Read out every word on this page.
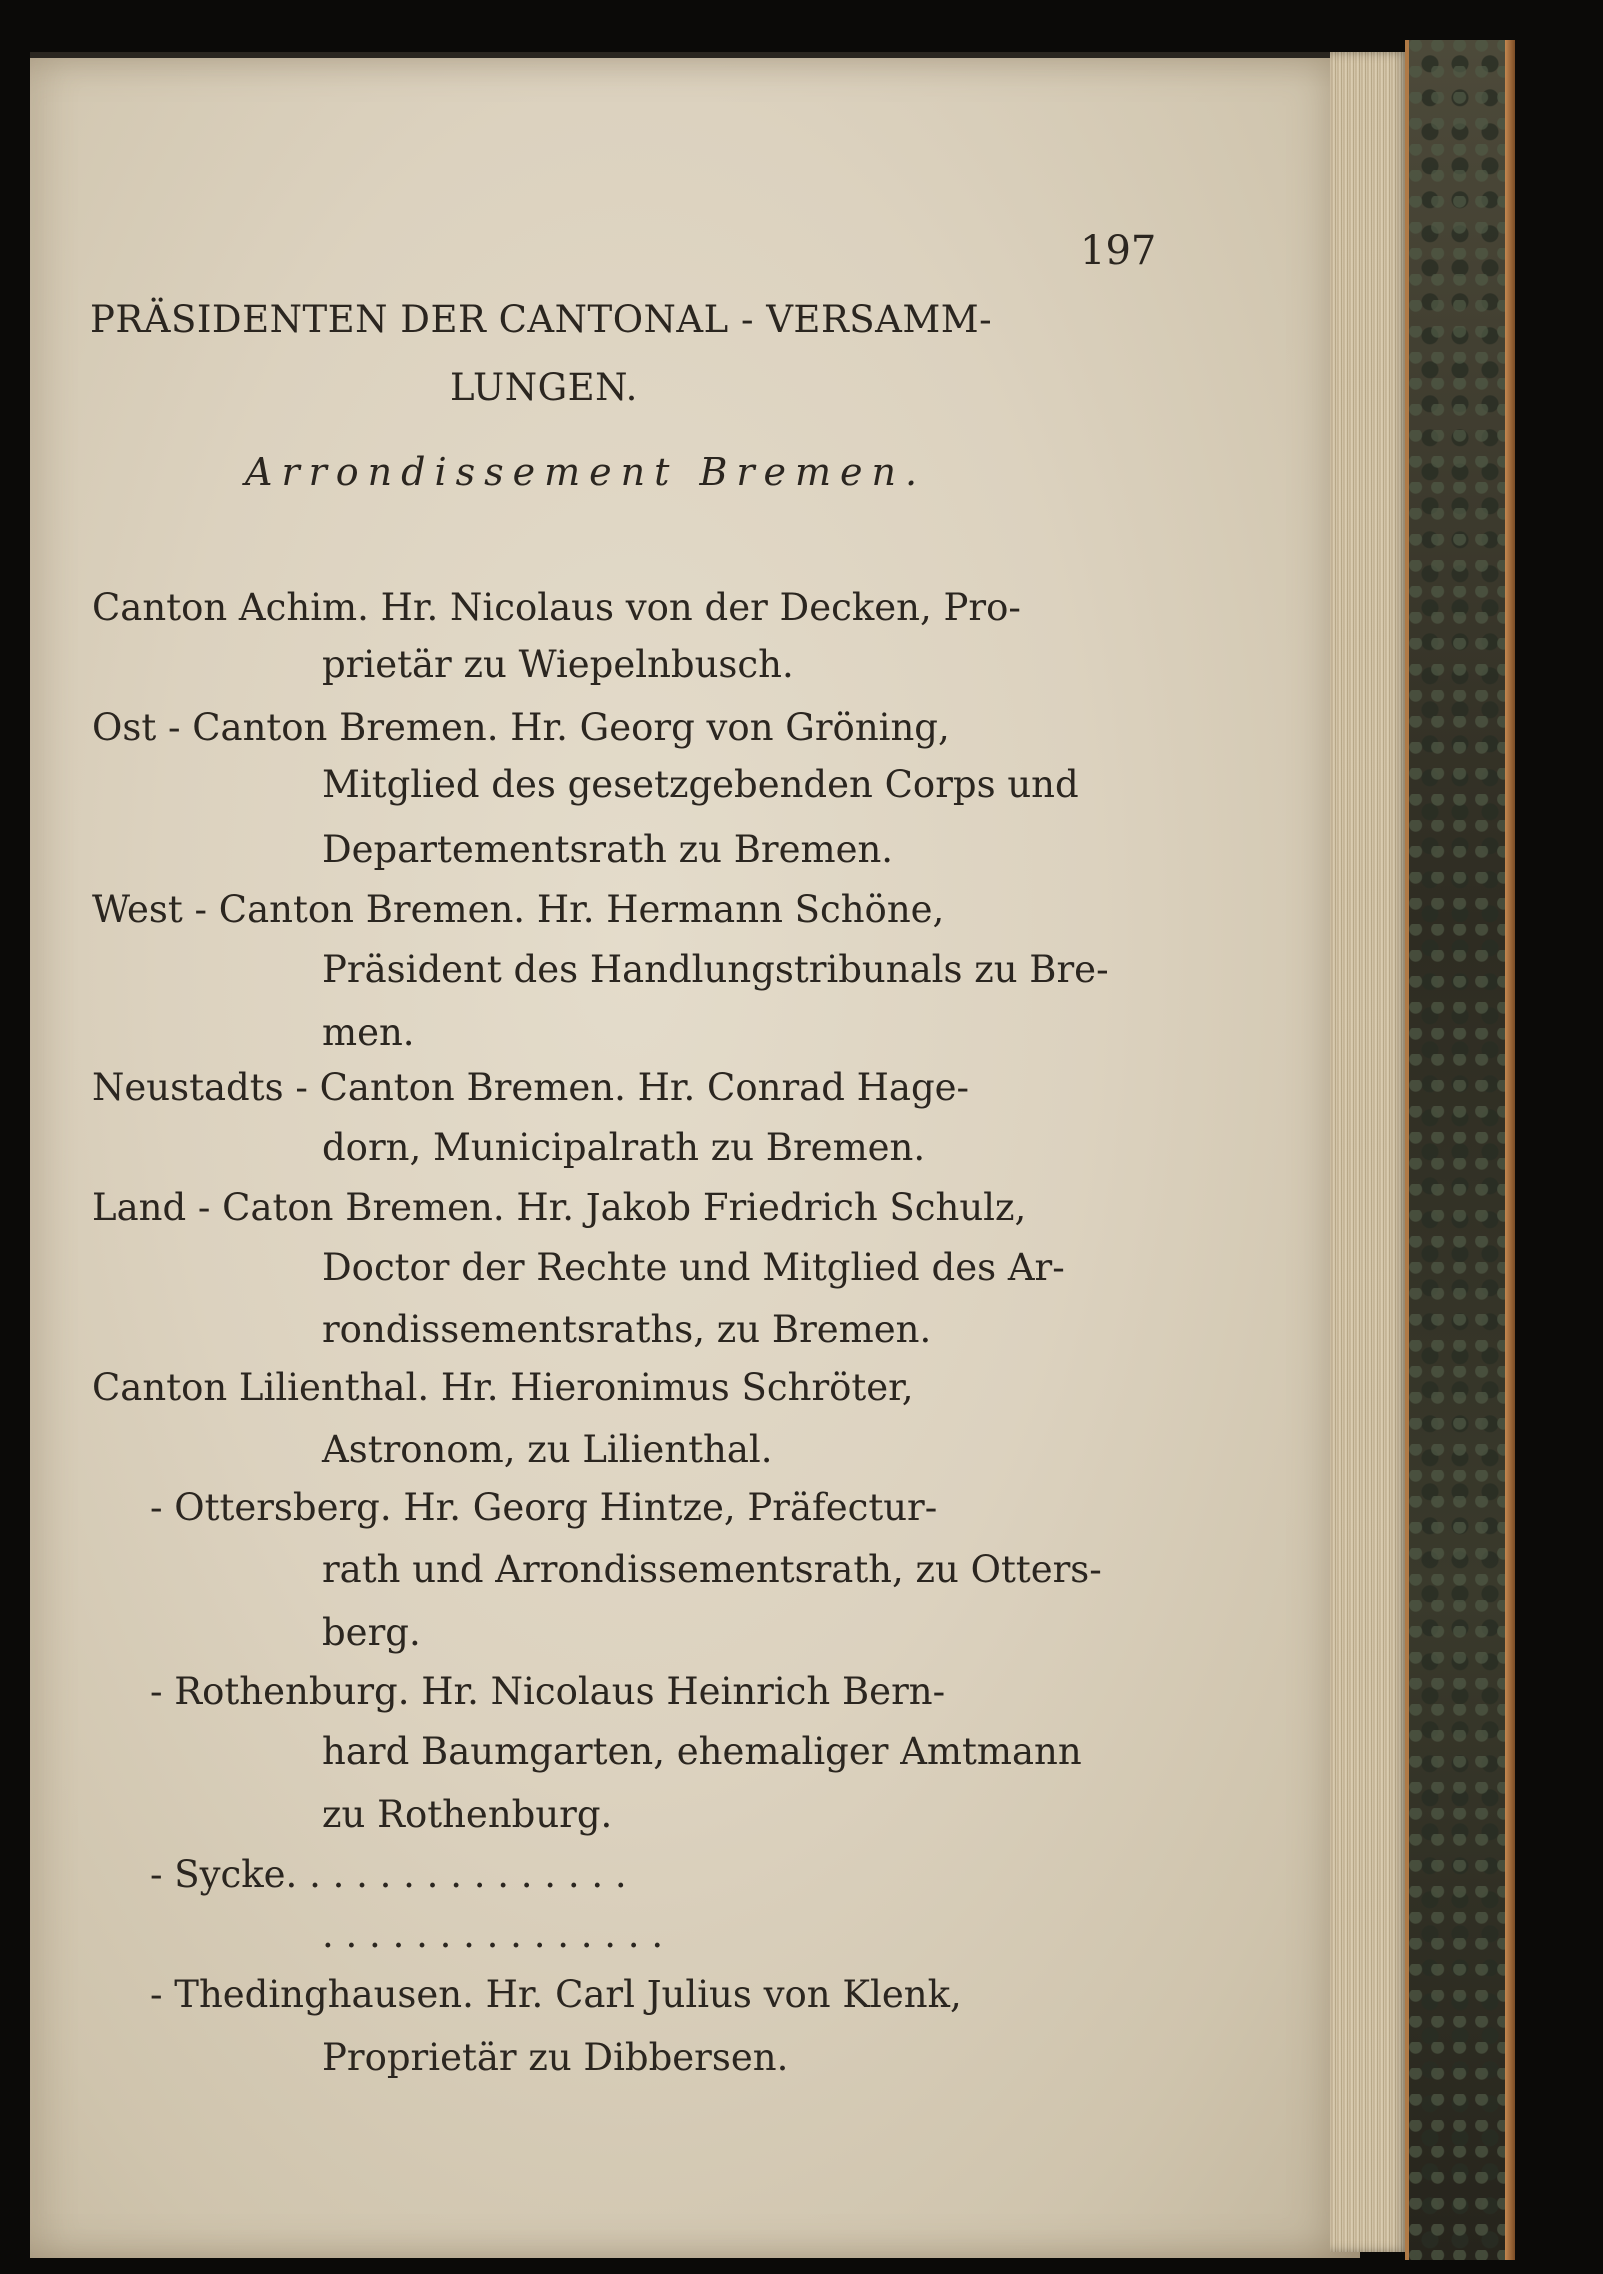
197
PRÄSIDENTEN DER CANTONAL - VERSAMM-
LUNGEN.
Arrondissement Bremen.
Canton Achim. Hr. Nicolaus von der Decken, Pro-
prietär zu Wiepelnbusch.
Ost - Canton Bremen. Hr. Georg von Gröning,
Mitglied des gesetzgebenden Corps und
Departementsrath zu Bremen.
West - Canton Bremen. Hr. Hermann Schöne,
Präsident des Handlungstribunals zu Bre-
men.
Neustadts - Canton Bremen. Hr. Conrad Hage-
dorn, Municipalrath zu Bremen.
Land - Caton Bremen. Hr. Jakob Friedrich Schulz,
Doctor der Rechte und Mitglied des Ar-
rondissementsraths, zu Bremen.
Canton Lilienthal. Hr. Hieronimus Schröter,
Astronom, zu Lilienthal.
- Ottersberg. Hr. Georg Hintze, Präfectur-
rath und Arrondissementsrath, zu Otters-
berg.
- Rothenburg. Hr. Nicolaus Heinrich Bern-
hard Baumgarten, ehemaliger Amtmann
zu Rothenburg.
- Sycke. . . . . . . . . . . . . . .
. . . . . . . . . . . . . . .
- Thedinghausen. Hr. Carl Julius von Klenk,
Proprietär zu Dibbersen.
